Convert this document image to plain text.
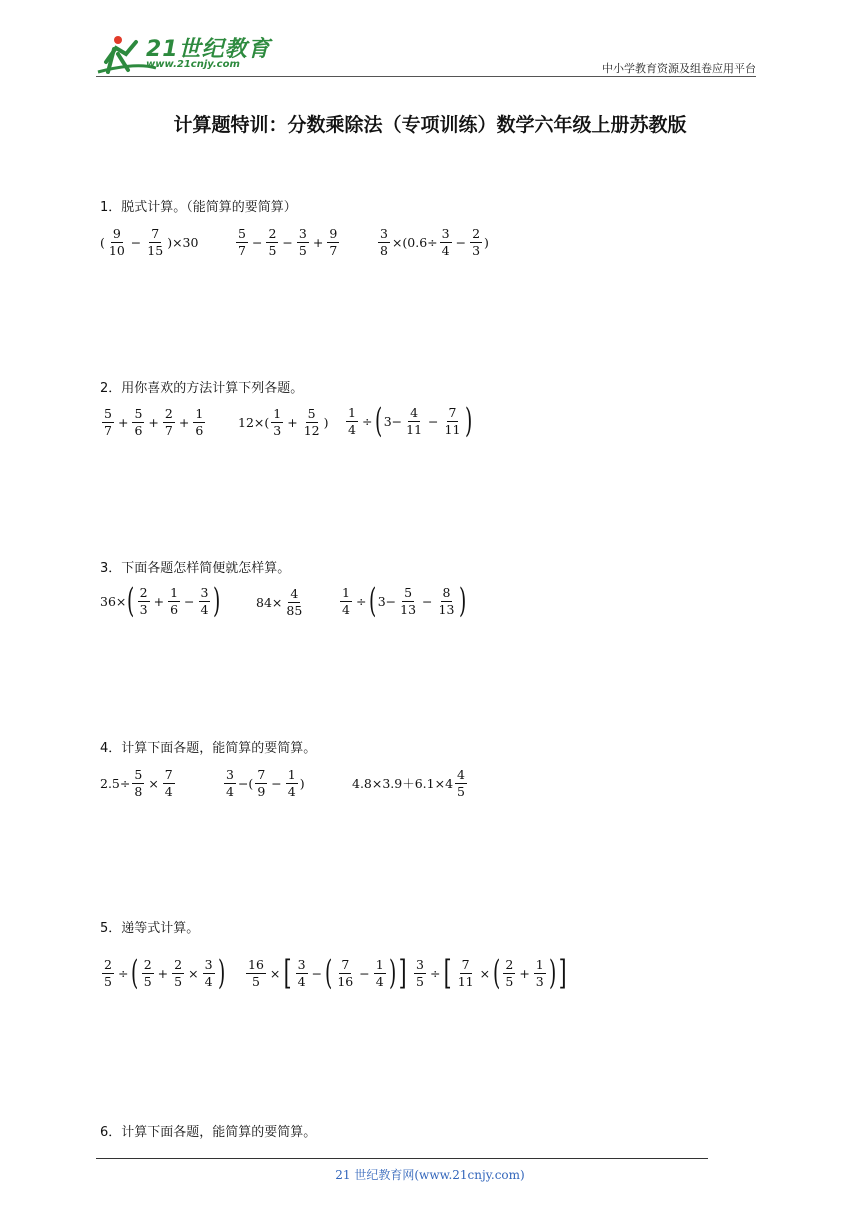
21世纪教育
www.21cnjy.com	中小学教育资源及组卷应用平台
计算题特训：分数乘除法（专项训练）数学六年级上册苏教版
1．脱式计算。（能简算的要简算）
(
9
10
− $\frac{7}{15} )\times 30$
5
7
− $\frac{2}{5} - \frac{3}{5} + \frac{9}{7}$	$\frac{3}{8} \times(0.6\div \frac{3}{4} - \frac{2}{3}$ )
2．用你喜欢的方法计算下列各题。
5
7
+ $\frac{5}{6} + \frac{2}{7} + \frac{1}{6}$	12×(
1
3
+ $\frac{5}{12}$ ) $\frac{1}{4}$ ÷ ( $3- \frac{4}{11} - \frac{7}{11}$ )
3．下面各题怎样简便就怎样算。
36× ( 2
3
+ $\frac{1}{6} - \frac{3}{4}$ )	$84\times \frac{4}{85}$	$\frac{1}{4}$ ÷ ( $3- \frac{5}{13} - \frac{8}{13}$ )
4．计算下面各题，能简算的要简算。
$2.5\div \frac{5}{8} \times \frac{7}{4}$	3
4
−(
7
9
− $\frac{1}{4}$ )	4.8×3.9＋6.1×4
4
5
5．递等式计算。
$\frac{2}{5}$ ÷ ( 2
5
+ $\frac{2}{5} \times \frac{3}{4}$ ) $\frac{16}{5}$ × [ 3
4
− ( 7
16
− $\frac{1}{4}$ ) ] $\frac{3}{5}$ ÷ [ $\frac{7}{11}$ × ( 2
5
+ $\frac{1}{3}$ ) ]
6．计算下面各题，能简算的要简算。
21 世纪教育网(www.21cnjy.com)
